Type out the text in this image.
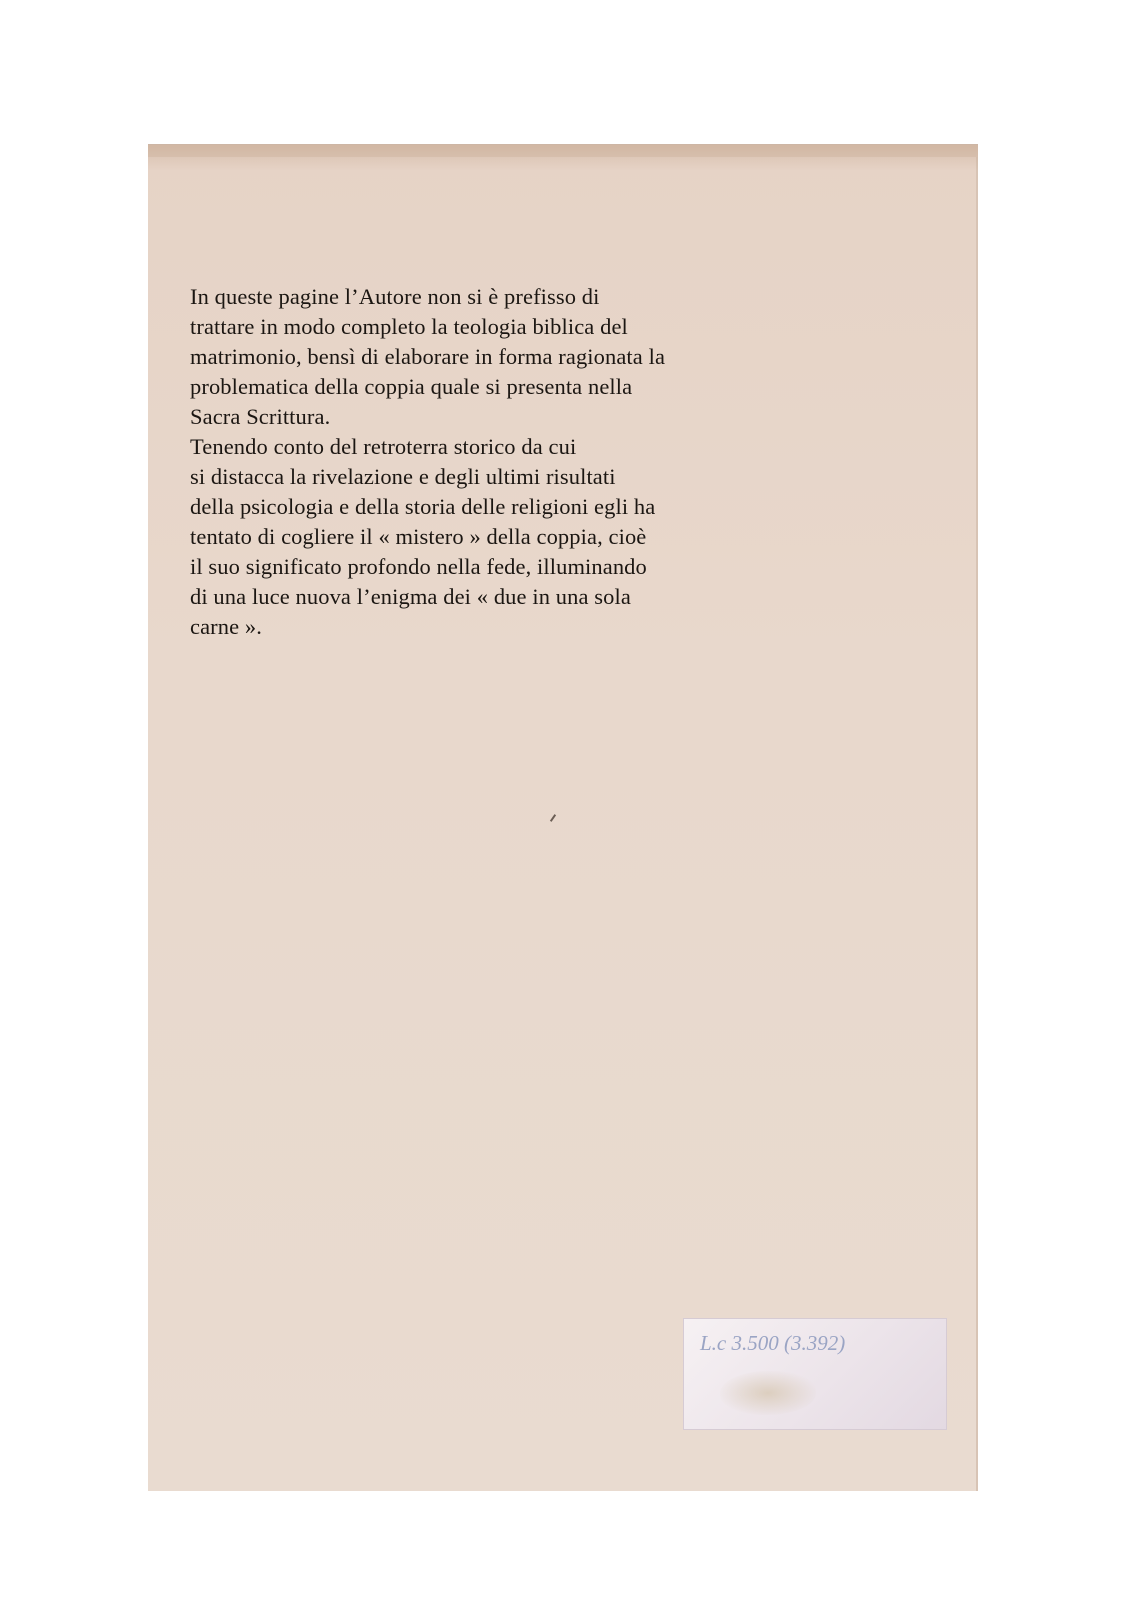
In queste pagine l’Autore non si è prefisso di
trattare in modo completo la teologia biblica del
matrimonio, bensì di elaborare in forma ragionata la
problematica della coppia quale si presenta nella
Sacra Scrittura.
Tenendo conto del retroterra storico da cui
si distacca la rivelazione e degli ultimi risultati
della psicologia e della storia delle religioni egli ha
tentato di cogliere il « mistero » della coppia, cioè
il suo significato profondo nella fede, illuminando
di una luce nuova l’enigma dei « due in una sola
carne ».

L.c 3.500 (3.392)
